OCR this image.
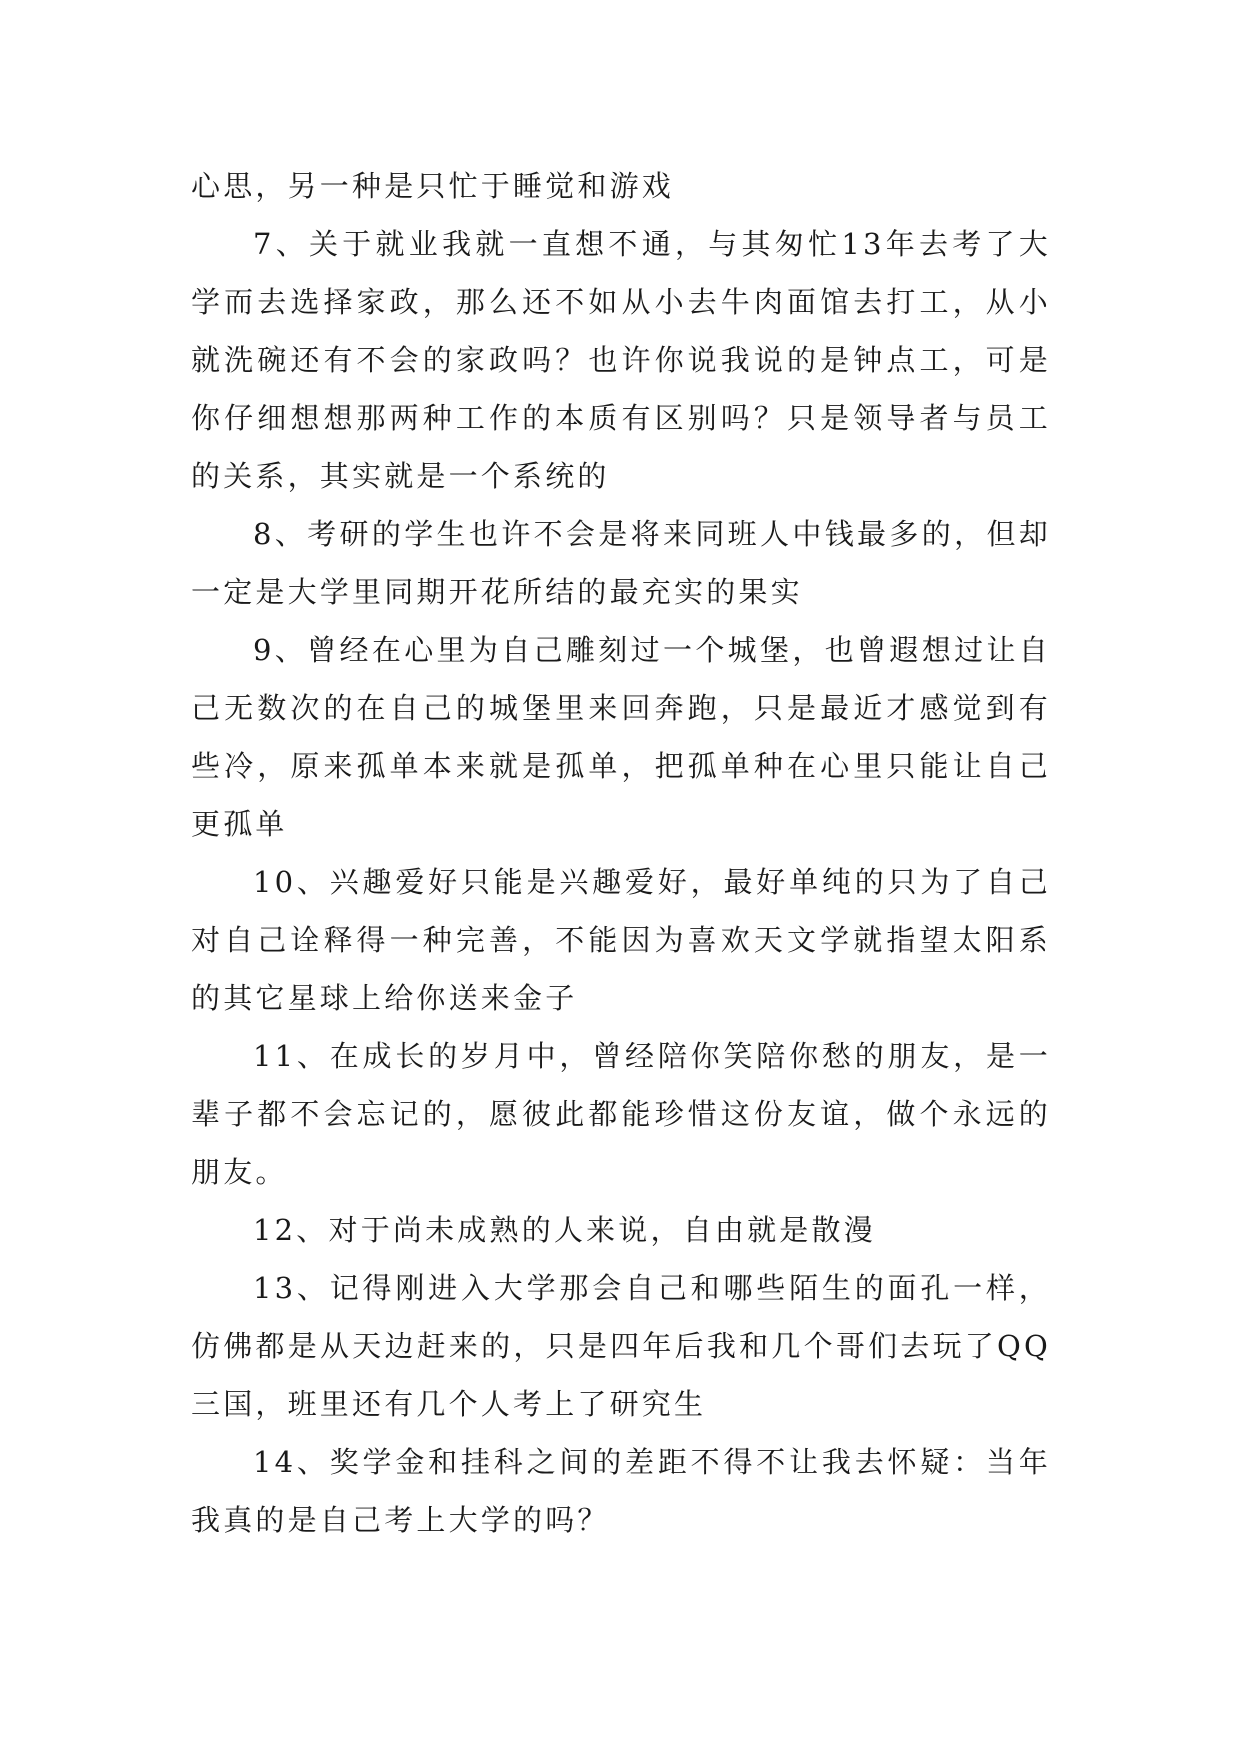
心思，另一种是只忙于睡觉和游戏

7、关于就业我就一直想不通，与其匆忙13年去考了大学而去选择家政，那么还不如从小去牛肉面馆去打工，从小就洗碗还有不会的家政吗？也许你说我说的是钟点工，可是你仔细想想那两种工作的本质有区别吗？只是领导者与员工的关系，其实就是一个系统的

8、考研的学生也许不会是将来同班人中钱最多的，但却一定是大学里同期开花所结的最充实的果实

9、曾经在心里为自己雕刻过一个城堡，也曾遐想过让自己无数次的在自己的城堡里来回奔跑，只是最近才感觉到有些冷，原来孤单本来就是孤单，把孤单种在心里只能让自己更孤单

10、兴趣爱好只能是兴趣爱好，最好单纯的只为了自己对自己诠释得一种完善，不能因为喜欢天文学就指望太阳系的其它星球上给你送来金子

11、在成长的岁月中，曾经陪你笑陪你愁的朋友，是一辈子都不会忘记的，愿彼此都能珍惜这份友谊，做个永远的朋友。

12、对于尚未成熟的人来说，自由就是散漫

13、记得刚进入大学那会自己和哪些陌生的面孔一样，仿佛都是从天边赶来的，只是四年后我和几个哥们去玩了QQ三国，班里还有几个人考上了研究生

14、奖学金和挂科之间的差距不得不让我去怀疑：当年我真的是自己考上大学的吗？
